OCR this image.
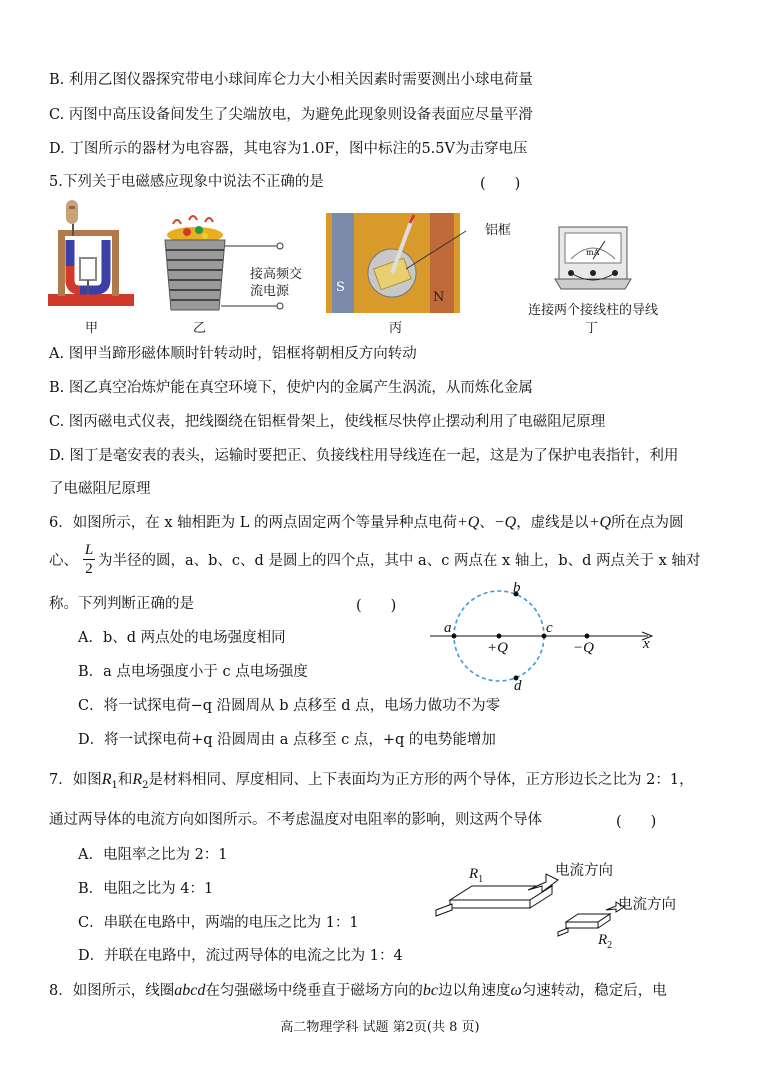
B. 利用乙图仪器探究带电小球间库仑力大小相关因素时需要测出小球电荷量
C. 丙图中高压设备间发生了尖端放电，为避免此现象则设备表面应尽量平滑
D. 丁图所示的器材为电容器，其电容为1.0F，图中标注的5.5V为击穿电压
5.下列关于电磁感应现象中说法不正确的是	(　　)
甲
接高频交
流电源
乙
S
N
铝框
丙
mA
连接两个接线柱的导线
丁
A. 图甲当蹄形磁体顺时针转动时，铝框将朝相反方向转动
B. 图乙真空冶炼炉能在真空环境下，使炉内的金属产生涡流，从而炼化金属
C. 图丙磁电式仪表，把线圈绕在铝框骨架上，使线框尽快停止摆动利用了电磁阻尼原理
D. 图丁是毫安表的表头，运输时要把正、负接线柱用导线连在一起，这是为了保护电表指针，利用
了电磁阻尼原理
6．如图所示，在 x 轴相距为 L 的两点固定两个等量异种点电荷+Q、−Q，虚线是以+Q所在点为圆
心、 $\frac{L}{2}$ 为半径的圆，a、b、c、d 是圆上的四个点，其中 a、c 两点在 x 轴上，b、d 两点关于 x 轴对
称。下列判断正确的是	(　　)
A．b、d 两点处的电场强度相同
B．a 点电场强度小于 c 点电场强度
C．将一试探电荷−q 沿圆周从 b 点移至 d 点，电场力做功不为零
D．将一试探电荷+q 沿圆周由 a 点移至 c 点，+q 的电势能增加
a
b
c
d
x
+Q	−Q
7．如图$R_1$和$R_2$是材料相同、厚度相同、上下表面均为正方形的两个导体，正方形边长之比为 2：1，
通过两导体的电流方向如图所示。不考虑温度对电阻率的影响，则这两个导体	(　　)
A．电阻率之比为 2：1
B．电阻之比为 4：1
C．串联在电路中，两端的电压之比为 1：1
D．并联在电路中，流过两导体的电流之比为 1：4
$R_1$
电流方向
$R_2$
电流方向
8．如图所示，线圈abcd在匀强磁场中绕垂直于磁场方向的bc边以角速度ω匀速转动，稳定后，电
高二物理学科 试题 第2页(共 8 页)
